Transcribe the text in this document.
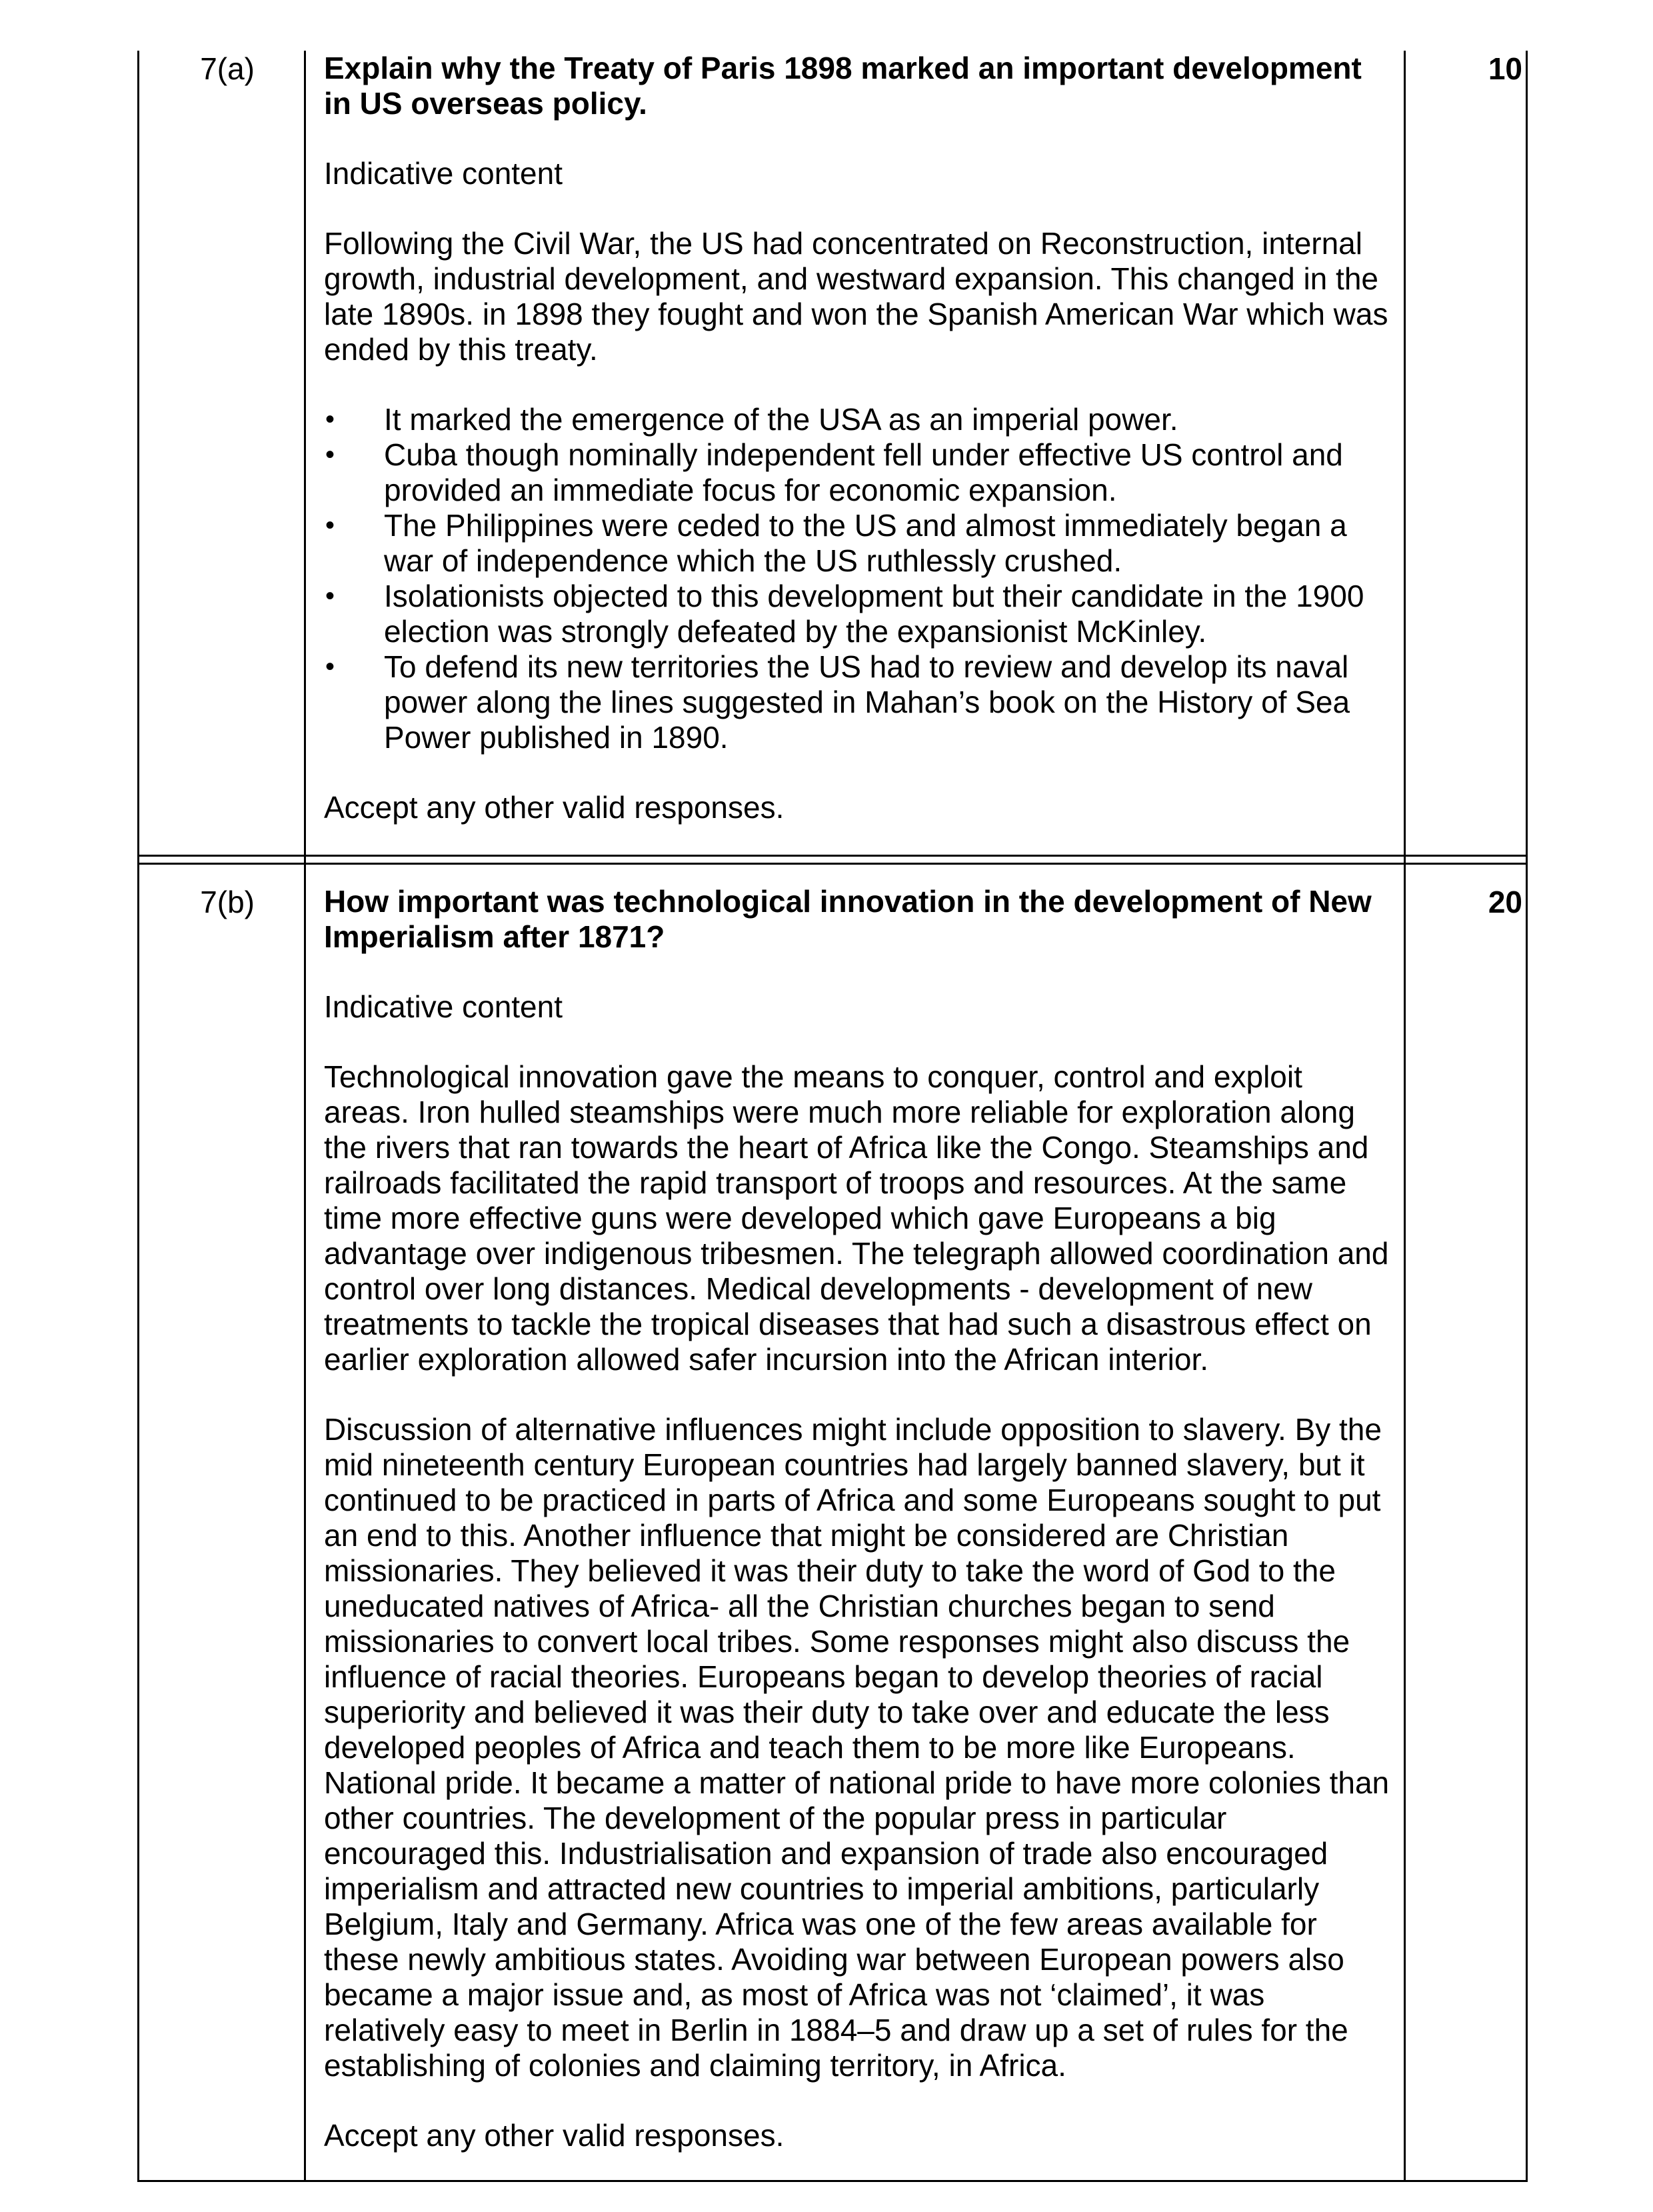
7(a) Explain why the Treaty of Paris 1898 marked an important development in US overseas policy.

Indicative content

Following the Civil War, the US had concentrated on Reconstruction, internal growth, industrial development, and westward expansion. This changed in the late 1890s. in 1898 they fought and won the Spanish American War which was ended by this treaty.

• It marked the emergence of the USA as an imperial power.
• Cuba though nominally independent fell under effective US control and provided an immediate focus for economic expansion.
• The Philippines were ceded to the US and almost immediately began a war of independence which the US ruthlessly crushed.
• Isolationists objected to this development but their candidate in the 1900 election was strongly defeated by the expansionist McKinley.
• To defend its new territories the US had to review and develop its naval power along the lines suggested in Mahan’s book on the History of Sea Power published in 1890.

Accept any other valid responses.

10
7(b) How important was technological innovation in the development of New Imperialism after 1871?

Indicative content

Technological innovation gave the means to conquer, control and exploit areas. Iron hulled steamships were much more reliable for exploration along the rivers that ran towards the heart of Africa like the Congo. Steamships and railroads facilitated the rapid transport of troops and resources. At the same time more effective guns were developed which gave Europeans a big advantage over indigenous tribesmen. The telegraph allowed coordination and control over long distances. Medical developments - development of new treatments to tackle the tropical diseases that had such a disastrous effect on earlier exploration allowed safer incursion into the African interior.

Discussion of alternative influences might include opposition to slavery. By the mid nineteenth century European countries had largely banned slavery, but it continued to be practiced in parts of Africa and some Europeans sought to put an end to this. Another influence that might be considered are Christian missionaries. They believed it was their duty to take the word of God to the uneducated natives of Africa- all the Christian churches began to send missionaries to convert local tribes. Some responses might also discuss the influence of racial theories. Europeans began to develop theories of racial superiority and believed it was their duty to take over and educate the less developed peoples of Africa and teach them to be more like Europeans. National pride. It became a matter of national pride to have more colonies than other countries. The development of the popular press in particular encouraged this. Industrialisation and expansion of trade also encouraged imperialism and attracted new countries to imperial ambitions, particularly Belgium, Italy and Germany. Africa was one of the few areas available for these newly ambitious states. Avoiding war between European powers also became a major issue and, as most of Africa was not ‘claimed’, it was relatively easy to meet in Berlin in 1884–5 and draw up a set of rules for the establishing of colonies and claiming territory, in Africa.

Accept any other valid responses.

20
